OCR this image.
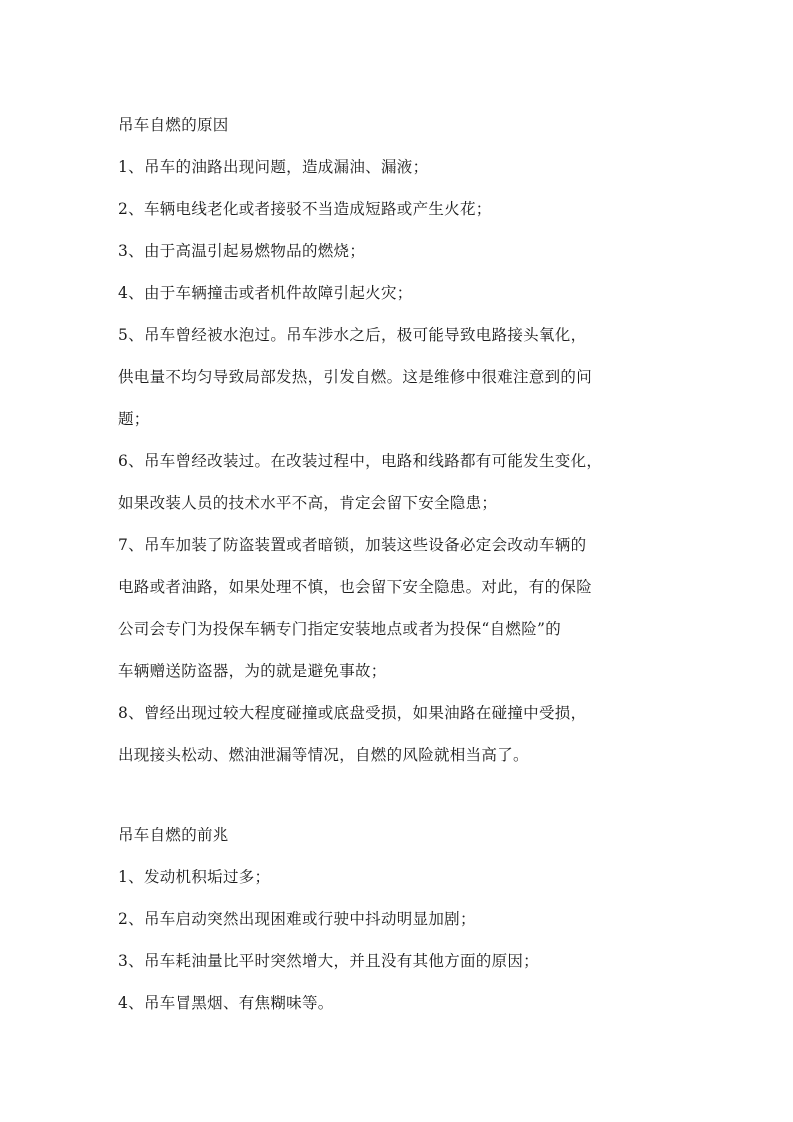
吊车自燃的原因
1、吊车的油路出现问题，造成漏油、漏液；
2、车辆电线老化或者接驳不当造成短路或产生火花；
3、由于高温引起易燃物品的燃烧；
4、由于车辆撞击或者机件故障引起火灾；
5、吊车曾经被水泡过。吊车涉水之后，极可能导致电路接头氧化，
供电量不均匀导致局部发热，引发自燃。这是维修中很难注意到的问
题；
6、吊车曾经改装过。在改装过程中，电路和线路都有可能发生变化，
如果改装人员的技术水平不高，肯定会留下安全隐患；
7、吊车加装了防盗装置或者暗锁，加装这些设备必定会改动车辆的
电路或者油路，如果处理不慎，也会留下安全隐患。对此，有的保险
公司会专门为投保车辆专门指定安装地点或者为投保“自燃险”的
车辆赠送防盗器，为的就是避免事故；
8、曾经出现过较大程度碰撞或底盘受损，如果油路在碰撞中受损，
出现接头松动、燃油泄漏等情况，自燃的风险就相当高了。
吊车自燃的前兆
1、发动机积垢过多；
2、吊车启动突然出现困难或行驶中抖动明显加剧；
3、吊车耗油量比平时突然增大，并且没有其他方面的原因；
4、吊车冒黑烟、有焦糊味等。
